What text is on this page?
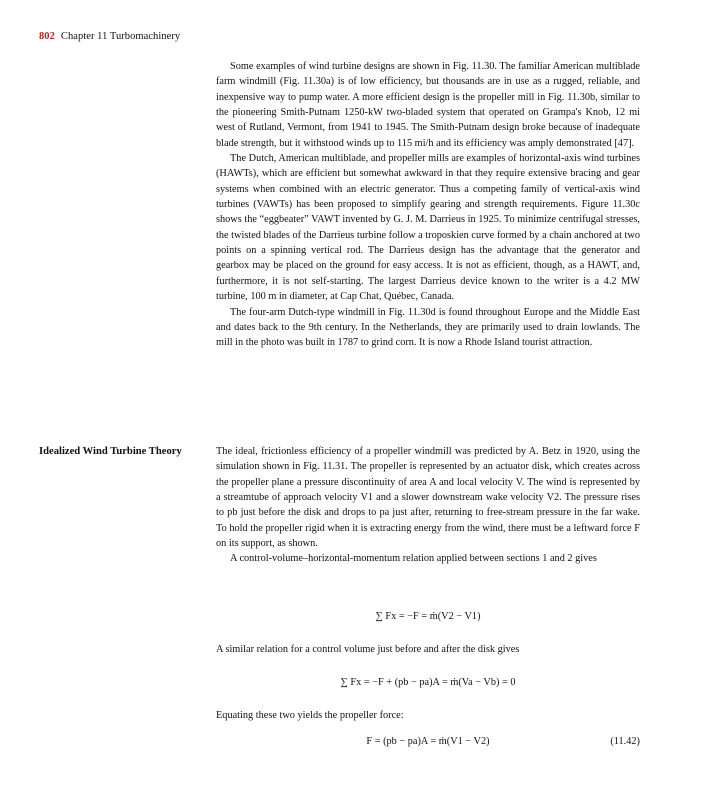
802 Chapter 11 Turbomachinery

Some examples of wind turbine designs are shown in Fig. 11.30. The familiar American multiblade farm windmill (Fig. 11.30a) is of low efficiency, but thousands are in use as a rugged, reliable, and inexpensive way to pump water. A more efficient design is the propeller mill in Fig. 11.30b, similar to the pioneering Smith-Putnam 1250-kW two-bladed system that operated on Grampa's Knob, 12 mi west of Rutland, Vermont, from 1941 to 1945. The Smith-Putnam design broke because of inadequate blade strength, but it withstood winds up to 115 mi/h and its efficiency was amply demonstrated [47].

The Dutch, American multiblade, and propeller mills are examples of horizontal-axis wind turbines (HAWTs), which are efficient but somewhat awkward in that they require extensive bracing and gear systems when combined with an electric generator. Thus a competing family of vertical-axis wind turbines (VAWTs) has been proposed to simplify gearing and strength requirements. Figure 11.30c shows the “eggbeater” VAWT invented by G. J. M. Darrieus in 1925. To minimize centrifugal stresses, the twisted blades of the Darrieus turbine follow a troposkien curve formed by a chain anchored at two points on a spinning vertical rod. The Darrieus design has the advantage that the generator and gearbox may be placed on the ground for easy access. It is not as efficient, though, as a HAWT, and, furthermore, it is not self-starting. The largest Darrieus device known to the writer is a 4.2 MW turbine, 100 m in diameter, at Cap Chat, Québec, Canada.

The four-arm Dutch-type windmill in Fig. 11.30d is found throughout Europe and the Middle East and dates back to the 9th century. In the Netherlands, they are primarily used to drain lowlands. The mill in the photo was built in 1787 to grind corn. It is now a Rhode Island tourist attraction.

Idealized Wind Turbine Theory	The ideal, frictionless efficiency of a propeller windmill was predicted by A. Betz in 1920, using the simulation shown in Fig. 11.31. The propeller is represented by an actuator disk, which creates across the propeller plane a pressure discontinuity of area A and local velocity V. The wind is represented by a streamtube of approach velocity V1 and a slower downstream wake velocity V2. The pressure rises to pb just before the disk and drops to pa just after, returning to free-stream pressure in the far wake. To hold the propeller rigid when it is extracting energy from the wind, there must be a leftward force F on its support, as shown.

A control-volume–horizontal-momentum relation applied between sections 1 and 2 gives

∑ Fx = −F = ṁ(V2 − V1)
A similar relation for a control volume just before and after the disk gives
∑ Fx = −F + (pb − pa)A = ṁ(Va − Vb) = 0
Equating these two yields the propeller force:
F = (pb − pa)A = ṁ(V1 − V2)	(11.42)
